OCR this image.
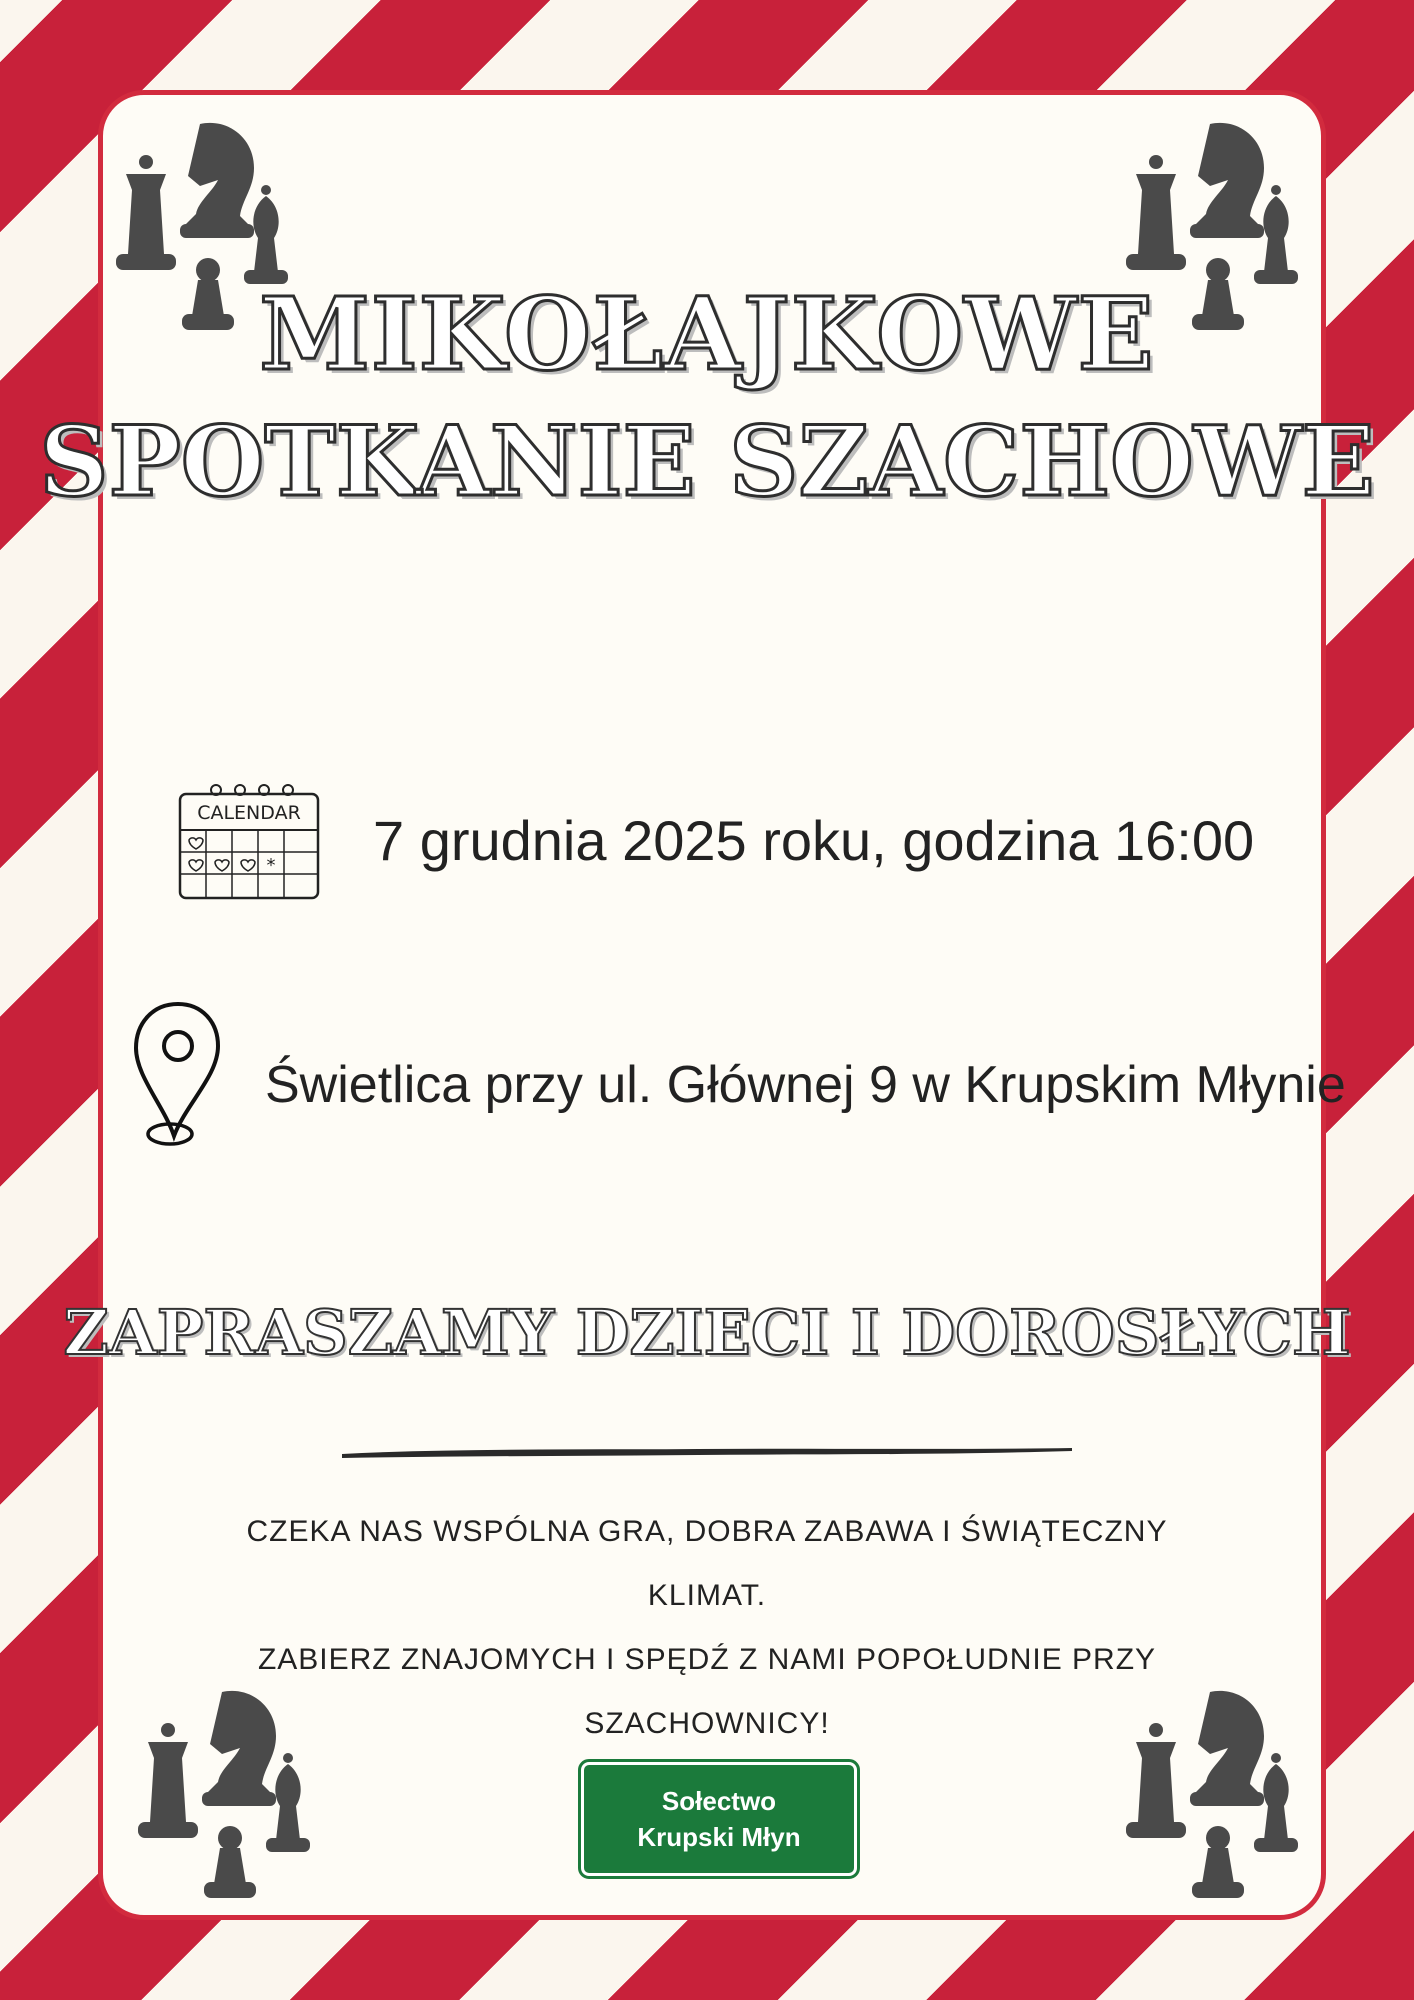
MIKOŁAJKOWE
SPOTKANIE SZACHOWE
CALENDAR
* 7 grudnia 2025 roku, godzina 16:00
Świetlica przy ul. Głównej 9 w Krupskim Młynie
ZAPRASZAMY DZIECI I DOROSŁYCH
CZEKA NAS WSPÓLNA GRA, DOBRA ZABAWA I ŚWIĄTECZNY KLIMAT.
ZABIERZ ZNAJOMYCH I SPĘDŹ Z NAMI POPOŁUDNIE PRZY
SZACHOWNICY!
Sołectwo
Krupski Młyn
